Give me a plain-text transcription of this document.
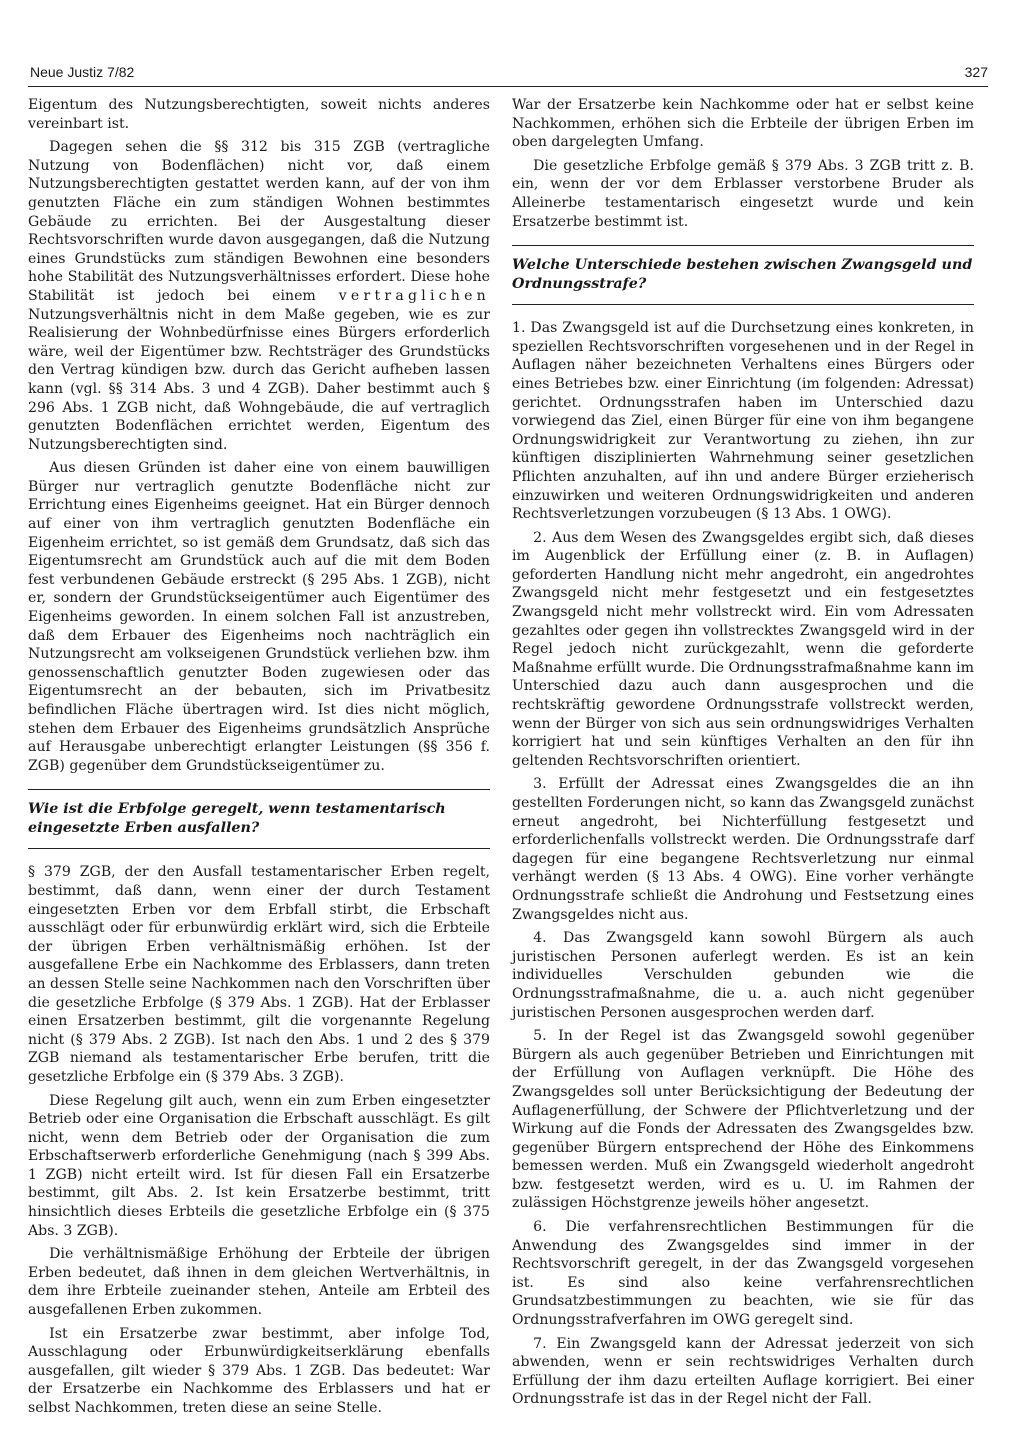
Neue Justiz 7/82	327

Eigentum des Nutzungsberechtigten, soweit nichts anderes vereinbart ist.

Dagegen sehen die §§ 312 bis 315 ZGB (vertragliche Nutzung von Bodenflächen) nicht vor, daß einem Nutzungsberechtigten gestattet werden kann, auf der von ihm genutzten Fläche ein zum ständigen Wohnen bestimmtes Gebäude zu errichten. Bei der Ausgestaltung dieser Rechtsvorschriften wurde davon ausgegangen, daß die Nutzung eines Grundstücks zum ständigen Bewohnen eine besonders hohe Stabilität des Nutzungsverhältnisses erfordert. Diese hohe Stabilität ist jedoch bei einem vertraglichen Nutzungsverhältnis nicht in dem Maße gegeben, wie es zur Realisierung der Wohnbedürfnisse eines Bürgers erforderlich wäre, weil der Eigentümer bzw. Rechtsträger des Grundstücks den Vertrag kündigen bzw. durch das Gericht aufheben lassen kann (vgl. §§ 314 Abs. 3 und 4 ZGB). Daher bestimmt auch § 296 Abs. 1 ZGB nicht, daß Wohngebäude, die auf vertraglich genutzten Bodenflächen errichtet werden, Eigentum des Nutzungsberechtigten sind.

Aus diesen Gründen ist daher eine von einem bauwilligen Bürger nur vertraglich genutzte Bodenfläche nicht zur Errichtung eines Eigenheims geeignet. Hat ein Bürger dennoch auf einer von ihm vertraglich genutzten Bodenfläche ein Eigenheim errichtet, so ist gemäß dem Grundsatz, daß sich das Eigentumsrecht am Grundstück auch auf die mit dem Boden fest verbundenen Gebäude erstreckt (§ 295 Abs. 1 ZGB), nicht er, sondern der Grundstückseigentümer auch Eigentümer des Eigenheims geworden. In einem solchen Fall ist anzustreben, daß dem Erbauer des Eigenheims noch nachträglich ein Nutzungsrecht am volkseigenen Grundstück verliehen bzw. ihm genossenschaftlich genutzter Boden zugewiesen oder das Eigentumsrecht an der bebauten, sich im Privatbesitz befindlichen Fläche übertragen wird. Ist dies nicht möglich, stehen dem Erbauer des Eigenheims grundsätzlich Ansprüche auf Herausgabe unberechtigt erlangter Leistungen (§§ 356 f. ZGB) gegenüber dem Grundstückseigentümer zu.

Wie ist die Erbfolge geregelt, wenn testamentarisch eingesetzte Erben ausfallen?

§ 379 ZGB, der den Ausfall testamentarischer Erben regelt, bestimmt, daß dann, wenn einer der durch Testament eingesetzten Erben vor dem Erbfall stirbt, die Erbschaft ausschlägt oder für erbunwürdig erklärt wird, sich die Erbteile der übrigen Erben verhältnismäßig erhöhen. Ist der ausgefallene Erbe ein Nachkomme des Erblassers, dann treten an dessen Stelle seine Nachkommen nach den Vorschriften über die gesetzliche Erbfolge (§ 379 Abs. 1 ZGB). Hat der Erblasser einen Ersatzerben bestimmt, gilt die vorgenannte Regelung nicht (§ 379 Abs. 2 ZGB). Ist nach den Abs. 1 und 2 des § 379 ZGB niemand als testamentarischer Erbe berufen, tritt die gesetzliche Erbfolge ein (§ 379 Abs. 3 ZGB).

Diese Regelung gilt auch, wenn ein zum Erben eingesetzter Betrieb oder eine Organisation die Erbschaft ausschlägt. Es gilt nicht, wenn dem Betrieb oder der Organisation die zum Erbschaftserwerb erforderliche Genehmigung (nach § 399 Abs. 1 ZGB) nicht erteilt wird. Ist für diesen Fall ein Ersatzerbe bestimmt, gilt Abs. 2. Ist kein Ersatzerbe bestimmt, tritt hinsichtlich dieses Erbteils die gesetzliche Erbfolge ein (§ 375 Abs. 3 ZGB).

Die verhältnismäßige Erhöhung der Erbteile der übrigen Erben bedeutet, daß ihnen in dem gleichen Wertverhältnis, in dem ihre Erbteile zueinander stehen, Anteile am Erbteil des ausgefallenen Erben zukommen.

Ist ein Ersatzerbe zwar bestimmt, aber infolge Tod, Ausschlagung oder Erbunwürdigkeitserklärung ebenfalls ausgefallen, gilt wieder § 379 Abs. 1 ZGB. Das bedeutet: War der Ersatzerbe ein Nachkomme des Erblassers und hat er selbst Nachkommen, treten diese an seine Stelle.

War der Ersatzerbe kein Nachkomme oder hat er selbst keine Nachkommen, erhöhen sich die Erbteile der übrigen Erben im oben dargelegten Umfang.

Die gesetzliche Erbfolge gemäß § 379 Abs. 3 ZGB tritt z. B. ein, wenn der vor dem Erblasser verstorbene Bruder als Alleinerbe testamentarisch eingesetzt wurde und kein Ersatzerbe bestimmt ist.

Welche Unterschiede bestehen zwischen Zwangsgeld und Ordnungsstrafe?

1. Das Zwangsgeld ist auf die Durchsetzung eines konkreten, in speziellen Rechtsvorschriften vorgesehenen und in der Regel in Auflagen näher bezeichneten Verhaltens eines Bürgers oder eines Betriebes bzw. einer Einrichtung (im folgenden: Adressat) gerichtet. Ordnungsstrafen haben im Unterschied dazu vorwiegend das Ziel, einen Bürger für eine von ihm begangene Ordnungswidrigkeit zur Verantwortung zu ziehen, ihn zur künftigen disziplinierten Wahrnehmung seiner gesetzlichen Pflichten anzuhalten, auf ihn und andere Bürger erzieherisch einzuwirken und weiteren Ordnungswidrigkeiten und anderen Rechtsverletzungen vorzubeugen (§ 13 Abs. 1 OWG).

2. Aus dem Wesen des Zwangsgeldes ergibt sich, daß dieses im Augenblick der Erfüllung einer (z. B. in Auflagen) geforderten Handlung nicht mehr angedroht, ein angedrohtes Zwangsgeld nicht mehr festgesetzt und ein festgesetztes Zwangsgeld nicht mehr vollstreckt wird. Ein vom Adressaten gezahltes oder gegen ihn vollstrecktes Zwangsgeld wird in der Regel jedoch nicht zurückgezahlt, wenn die geforderte Maßnahme erfüllt wurde. Die Ordnungsstrafmaßnahme kann im Unterschied dazu auch dann ausgesprochen und die rechtskräftig gewordene Ordnungsstrafe vollstreckt werden, wenn der Bürger von sich aus sein ordnungswidriges Verhalten korrigiert hat und sein künftiges Verhalten an den für ihn geltenden Rechtsvorschriften orientiert.

3. Erfüllt der Adressat eines Zwangsgeldes die an ihn gestellten Forderungen nicht, so kann das Zwangsgeld zunächst erneut angedroht, bei Nichterfüllung festgesetzt und erforderlichenfalls vollstreckt werden. Die Ordnungsstrafe darf dagegen für eine begangene Rechtsverletzung nur einmal verhängt werden (§ 13 Abs. 4 OWG). Eine vorher verhängte Ordnungsstrafe schließt die Androhung und Festsetzung eines Zwangsgeldes nicht aus.

4. Das Zwangsgeld kann sowohl Bürgern als auch juristischen Personen auferlegt werden. Es ist an kein individuelles Verschulden gebunden wie die Ordnungsstrafmaßnahme, die u. a. auch nicht gegenüber juristischen Personen ausgesprochen werden darf.

5. In der Regel ist das Zwangsgeld sowohl gegenüber Bürgern als auch gegenüber Betrieben und Einrichtungen mit der Erfüllung von Auflagen verknüpft. Die Höhe des Zwangsgeldes soll unter Berücksichtigung der Bedeutung der Auflagenerfüllung, der Schwere der Pflichtverletzung und der Wirkung auf die Fonds der Adressaten des Zwangsgeldes bzw. gegenüber Bürgern entsprechend der Höhe des Einkommens bemessen werden. Muß ein Zwangsgeld wiederholt angedroht bzw. festgesetzt werden, wird es u. U. im Rahmen der zulässigen Höchstgrenze jeweils höher angesetzt.

6. Die verfahrensrechtlichen Bestimmungen für die Anwendung des Zwangsgeldes sind immer in der Rechtsvorschrift geregelt, in der das Zwangsgeld vorgesehen ist. Es sind also keine verfahrensrechtlichen Grundsatzbestimmungen zu beachten, wie sie für das Ordnungsstrafverfahren im OWG geregelt sind.

7. Ein Zwangsgeld kann der Adressat jederzeit von sich abwenden, wenn er sein rechtswidriges Verhalten durch Erfüllung der ihm dazu erteilten Auflage korrigiert. Bei einer Ordnungsstrafe ist das in der Regel nicht der Fall.
